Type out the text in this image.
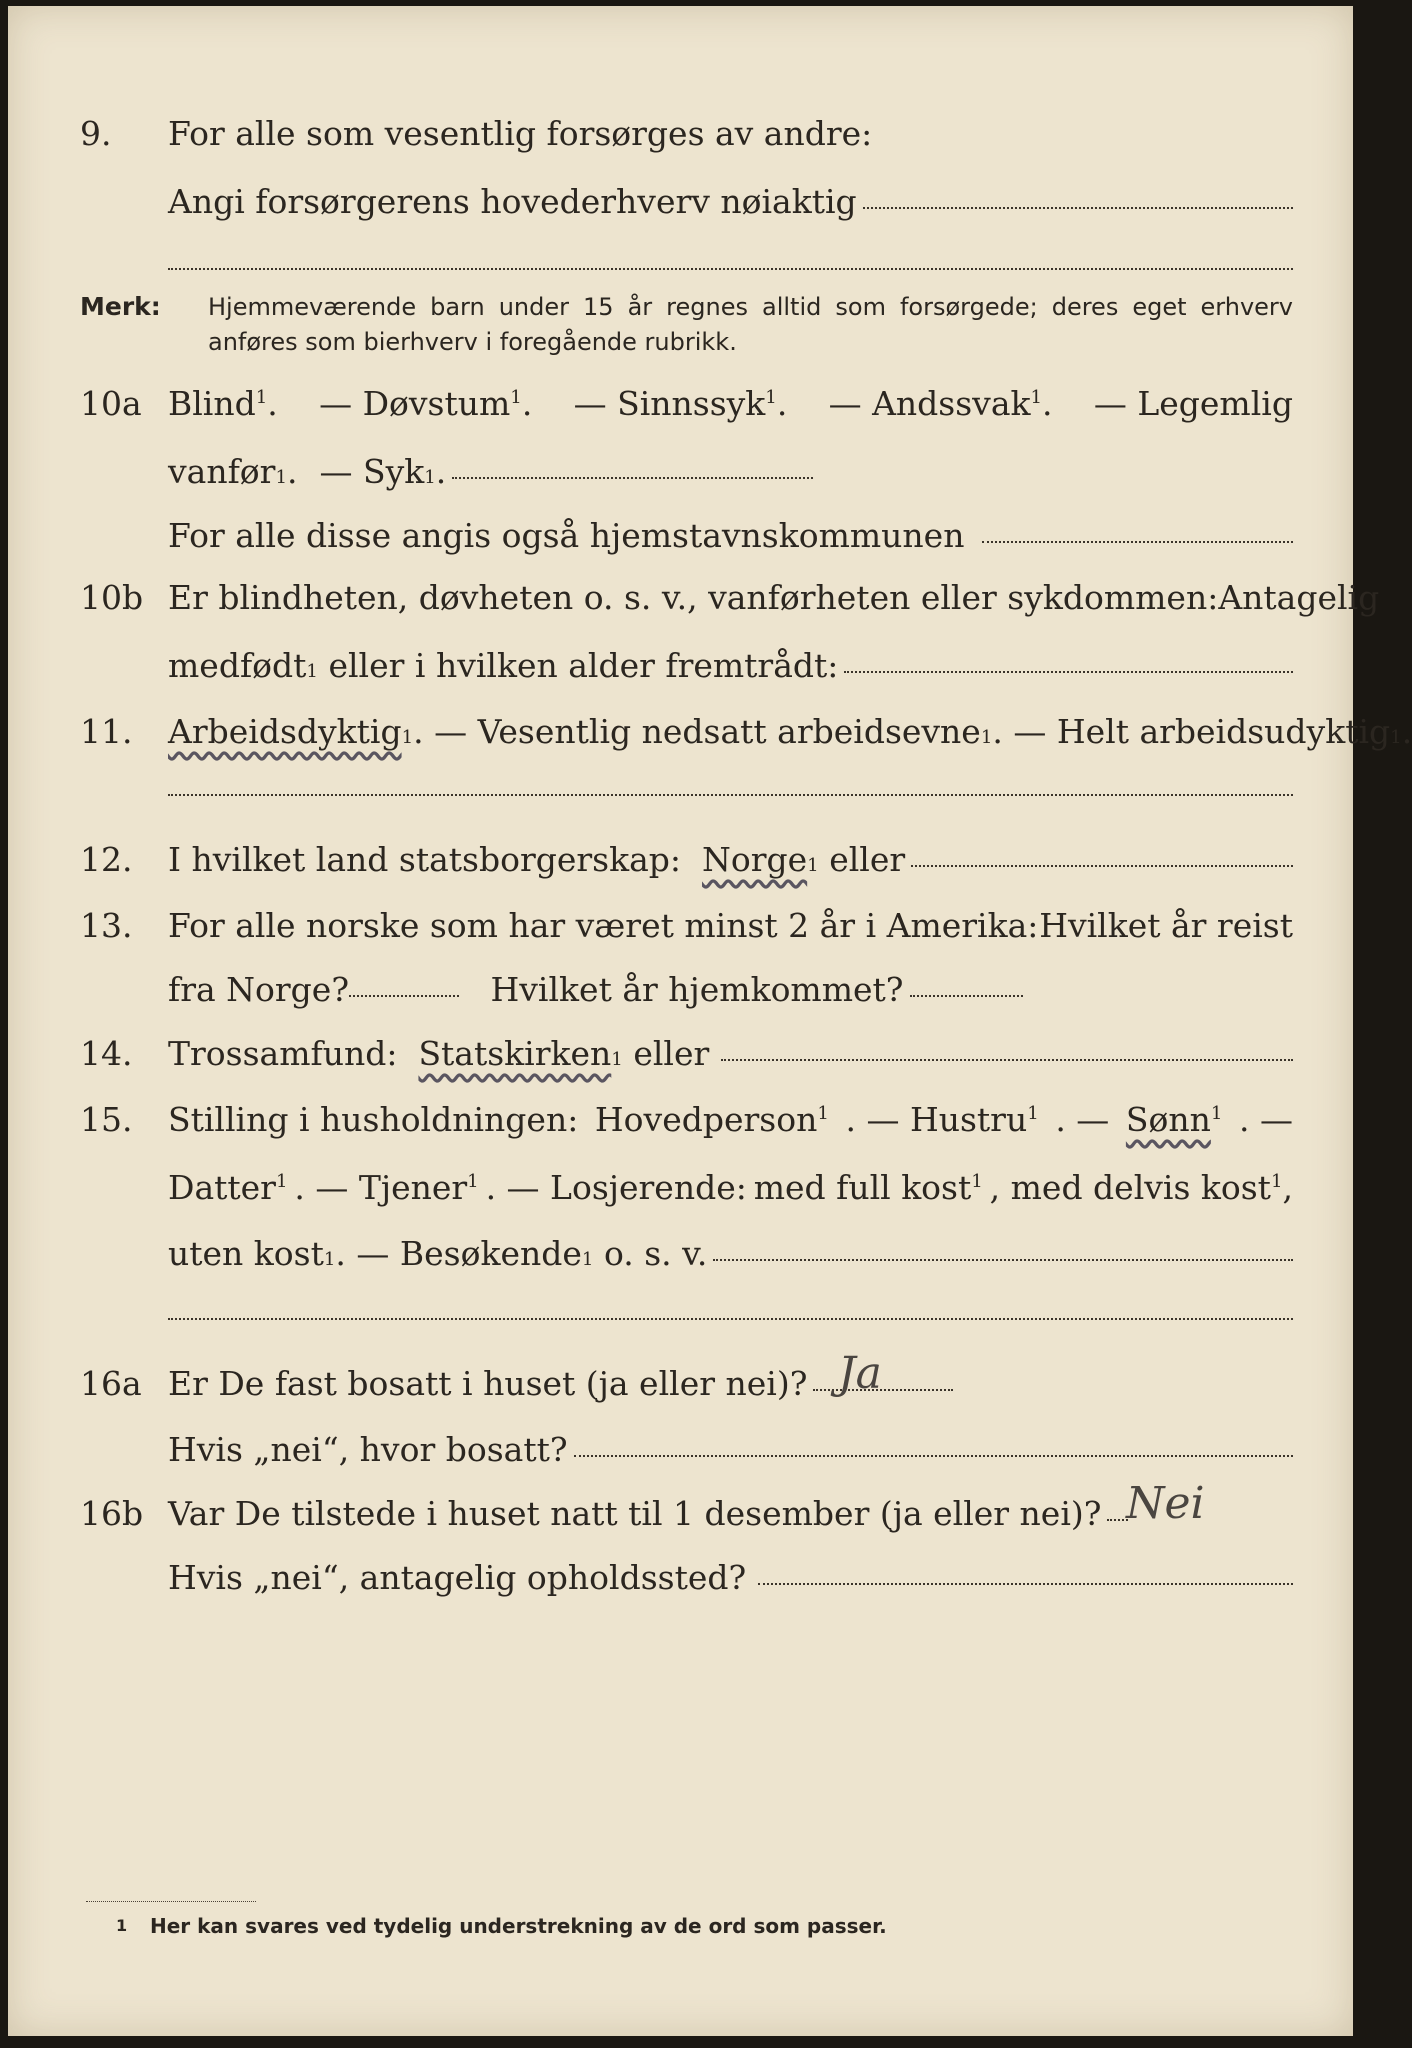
9. For alle som vesentlig forsørges av andre:
Angi forsørgerens hovederhverv nøiaktig
Merk: Hjemmeværende barn under 15 år regnes alltid som forsørgede; deres eget erhverv anføres som bierhverv i foregående rubrikk.
10a Blind$^1$. — Døvstum$^1$. — Sinnssyk$^1$. — Andssvak$^1$. — Legemlig
vanfør 1 . — Syk 1 .
For alle disse angis også hjemstavnskommunen
10b Er blindheten, døvheten o. s. v., vanførheten eller sykdommen: Antagelig
medfødt 1
eller i hvilken alder fremtrådt:
11. Arbeidsdyktig 1 . — Vesentlig nedsatt arbeidsevne 1 . — Helt arbeidsudyktig 1 .
12. I hvilket land statsborgerskap:
Norge 1
eller
13. For alle norske som har været minst 2 år i Amerika: Hvilket år reist
fra Norge?
	Hvilket år hjemkommet?
14. Trossamfund:
Statskirken 1
eller
15. Stilling i husholdningen: Hovedperson$^1$ . — Hustru$^1$ . — Sønn$^1$ . —
Datter$^1$ . — Tjener$^1$ . — Losjerende: med full kost$^1$ , med delvis kost$^1$,
uten kost 1 . — Besøkende 1
o. s. v.
16a Er De fast bosatt i huset (ja eller nei)? Ja
Hvis „nei“, hvor bosatt?
16b Var De tilstede i huset natt til 1 desember (ja eller nei)? Nei
Hvis „nei“, antagelig opholdssted?
1 Her kan svares ved tydelig understrekning av de ord som passer.
